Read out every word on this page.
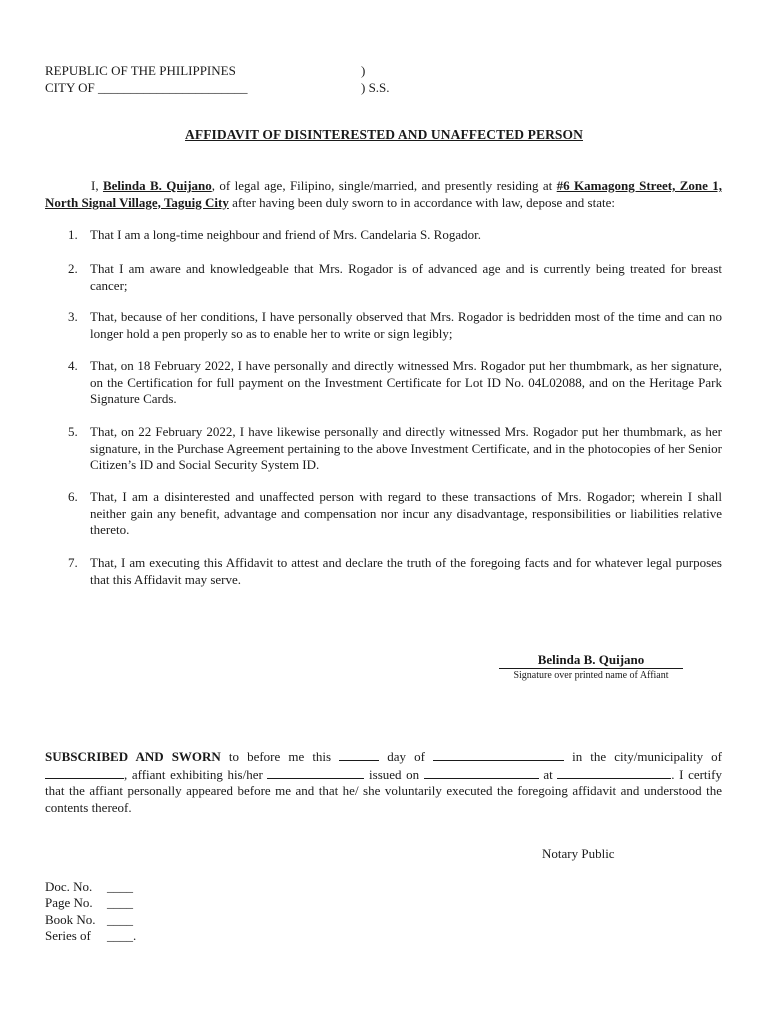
REPUBLIC OF THE PHILIPPINES	)
CITY OF _______________________	) S.S.
AFFIDAVIT OF DISINTERESTED AND UNAFFECTED PERSON
I, Belinda B. Quijano, of legal age, Filipino, single/married, and presently residing at #6 Kamagong Street, Zone 1, North Signal Village, Taguig City after having been duly sworn to in accordance with law, depose and state:
1. That I am a long-time neighbour and friend of Mrs. Candelaria S. Rogador.
2. That I am aware and knowledgeable that Mrs. Rogador is of advanced age and is currently being treated for breast cancer;
3. That, because of her conditions, I have personally observed that Mrs. Rogador is bedridden most of the time and can no longer hold a pen properly so as to enable her to write or sign legibly;
4. That, on 18 February 2022, I have personally and directly witnessed Mrs. Rogador put her thumbmark, as her signature, on the Certification for full payment on the Investment Certificate for Lot ID No. 04L02088, and on the Heritage Park Signature Cards.
5. That, on 22 February 2022, I have likewise personally and directly witnessed Mrs. Rogador put her thumbmark, as her signature, in the Purchase Agreement pertaining to the above Investment Certificate, and in the photocopies of her Senior Citizen’s ID and Social Security System ID.
6. That, I am a disinterested and unaffected person with regard to these transactions of Mrs. Rogador; wherein I shall neither gain any benefit, advantage and compensation nor incur any disadvantage, responsibilities or liabilities relative thereto.
7. That, I am executing this Affidavit to attest and declare the truth of the foregoing facts and for whatever legal purposes that this Affidavit may serve.
Belinda B. Quijano
Signature over printed name of Affiant
SUBSCRIBED AND SWORN to before me this	day of	in the city/municipality of , affiant exhibiting his/her	issued on	at	. I certify that the affiant personally appeared before me and that he/ she voluntarily executed the foregoing affidavit and understood the contents thereof.
Notary Public
Doc. No. ____
Page No. ____
Book No. ____
Series of ____.
